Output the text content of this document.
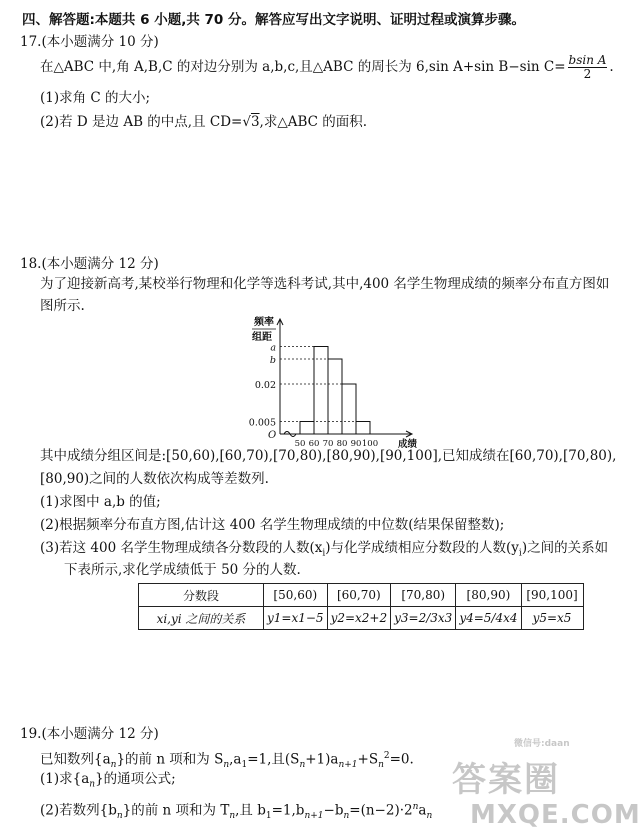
四、解答题:本题共 6 小题,共 70 分。解答应写出文字说明、证明过程或演算步骤。
17.(本小题满分 10 分)
在△ABC 中,角 A,B,C 的对边分别为 a,b,c,且△ABC 的周长为 6,sin A+sin B−sin $C= \frac{\text{bsin A}}{2}$ .
(1)求角 C 的大小;
(2)若 D 是边 AB 的中点,且 CD=√3,求△ABC 的面积.
18.(本小题满分 12 分)
为了迎接新高考,某校举行物理和化学等选科考试,其中,400 名学生物理成绩的频率分布直方图如
图所示.
频率
组距
O
a
b
0.02
0.005
50 60 70 80 90 100 成绩
其中成绩分组区间是:[50,60),[60,70),[70,80),[80,90),[90,100],已知成绩在[60,70),[70,80),
[80,90)之间的人数依次构成等差数列.
(1)求图中 a,b 的值;
(2)根据频率分布直方图,估计这 400 名学生物理成绩的中位数(结果保留整数);
(3)若这 400 名学生物理成绩各分数段的人数$(x_i)$与化学成绩相应分数段的人数$(y_i)$之间的关系如
下表所示,求化学成绩低于 50 分的人数.
分数段	[50,60)	[60,70)	[70,80)	[80,90)	[90,100]
xi,yi 之间的关系	y1=x1−5	y2=x2+2	y3=2/3x3	y4=5/4x4	y5=x5
19.(本小题满分 12 分)
已知数列$\{a_n\}$的前 n 项和为 $S_n,a_1=1$,且$(S_n+1)a_{n+1}+S_n^2=0$.
(1)求$\{a_n\}$的通项公式;
(2)若数列$\{b_n\}$的前 n 项和为 $T_n$,且 $b_1=1,b_{n+1}-b_n=(n-2)\cdot 2^na_n$
答案圈
微信号:daan
MXQE.COM
